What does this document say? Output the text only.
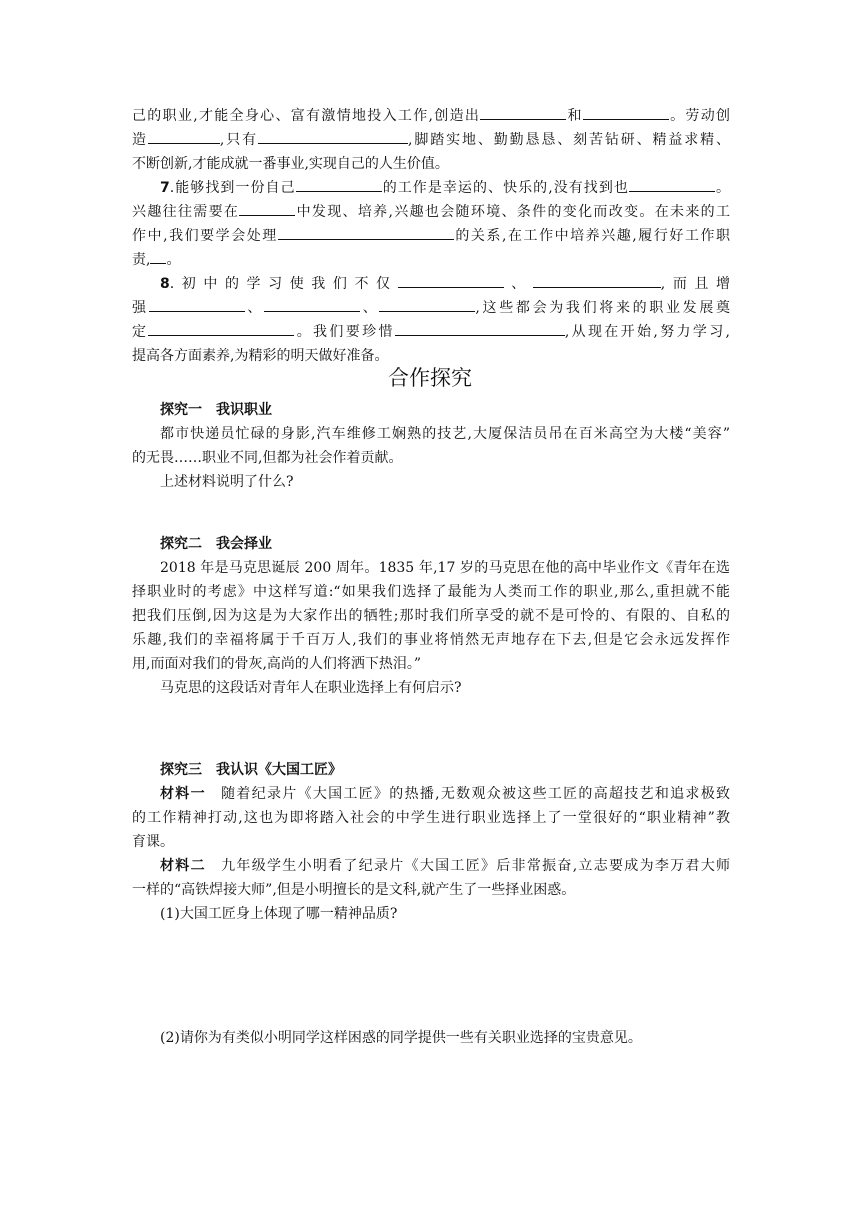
己的职业,才能全身心、富有激情地投入工作,创造出	和	。劳动创
造	,只有	,脚踏实地、勤勤恳恳、刻苦钻研、精益求精、
不断创新,才能成就一番事业,实现自己的人生价值。
7.能够找到一份自己	的工作是幸运的、快乐的,没有找到也	。
兴趣往往需要在	中发现、培养,兴趣也会随环境、条件的变化而改变。在未来的工
作中,我们要学会处理	的关系,在工作中培养兴趣,履行好工作职
责, 。
8.初中的学习使我们不仅	、	,而且增
强	、	、	,这些都会为我们将来的职业发展奠
定	。我们要珍惜	,从现在开始,努力学习,
提高各方面素养,为精彩的明天做好准备。
合作探究
探究一　我识职业
都市快递员忙碌的身影,汽车维修工娴熟的技艺,大厦保洁员吊在百米高空为大楼“美容”
的无畏……职业不同,但都为社会作着贡献。
上述材料说明了什么?
探究二　我会择业
2018 年是马克思诞辰 200 周年。1835 年,17 岁的马克思在他的高中毕业作文《青年在选
择职业时的考虑》中这样写道:“如果我们选择了最能为人类而工作的职业,那么,重担就不能
把我们压倒,因为这是为大家作出的牺牲;那时我们所享受的就不是可怜的、有限的、自私的
乐趣,我们的幸福将属于千百万人,我们的事业将悄然无声地存在下去,但是它会永远发挥作
用,而面对我们的骨灰,高尚的人们将洒下热泪。”
马克思的这段话对青年人在职业选择上有何启示?
探究三　我认识《大国工匠》
材料一　随着纪录片《大国工匠》的热播,无数观众被这些工匠的高超技艺和追求极致
的工作精神打动,这也为即将踏入社会的中学生进行职业选择上了一堂很好的“职业精神”教
育课。
材料二　九年级学生小明看了纪录片《大国工匠》后非常振奋,立志要成为李万君大师
一样的“高铁焊接大师”,但是小明擅长的是文科,就产生了一些择业困惑。
(1)大国工匠身上体现了哪一精神品质?
(2)请你为有类似小明同学这样困惑的同学提供一些有关职业选择的宝贵意见。
